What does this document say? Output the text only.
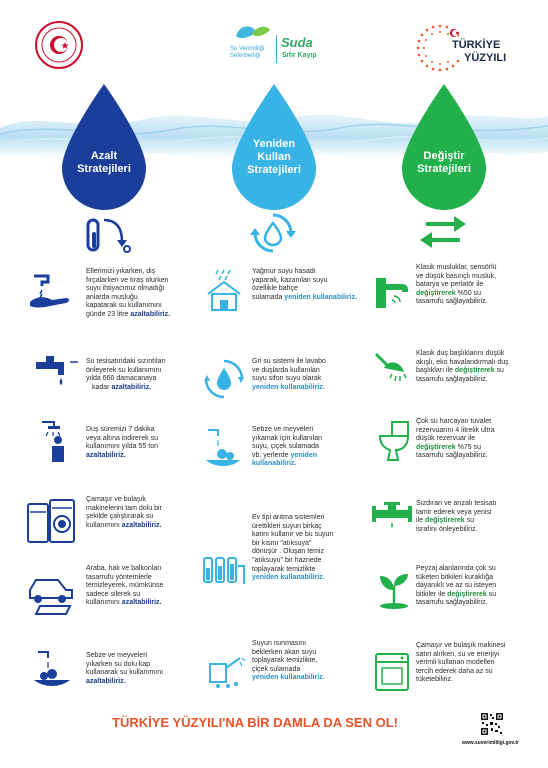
Su Verimliliği
Seferberliği
Suda
Sıfır Kayıp
TÜRKİYE
YÜZYILI
Azalt
Stratejileri
Yeniden
Kullan
Stratejileri
Değiştir
Stratejileri
Ellerimizi yıkarken, diş
fırçalarken ve tıraş olurken
suyu ihtiyacımız olmadığı
anlarda musluğu
kapatarak su kullanımını
günde 23 litre azaltabiliriz.
Su tesisatındaki sızıntıları
önleyerek su kullanımını
yılda 660 damacanaya
kadar azaltabiliriz.
Duş süremizi 7 dakika
veya altına indirerek su
kullanımını yılda 55 ton
azaltabiliriz.
Çamaşır ve bulaşık
makinelerini tam dolu bir
şekilde çalıştırarak su
kullanımını azaltabiliriz.
Araba, halı ve balkonları
tasarrufu yöntemlerle
temizleyerek, mümkünse
sadece silerek su
kullanımını azaltabiliriz.
Sebze ve meyveleri
yıkarken su dolu kap
kullanarak su kullanımını
azaltabiliriz.
Yağmur suyu hasadı
yaparak, kazanılan suyu
özellikle bahçe
sulamada yeniden kullanabiliriz.
Gri su sistemi ile lavabo
ve duşlarda kullanılan
suyu sifon suyu olarak
yeniden kullanabiliriz.
Sebze ve meyveleri
yıkamak için kullanılan
suyu, çiçek sulamada
vb. yerlerde yeniden kullanabiliriz.
Ev tipi arıtma sistemleri
ürettikleri suyun birkaç
katını kullanır ve bu suyun
bir kısmı "atıksuya"
dönüşür . Oluşan temiz
"atıksuyu" bir haznede
toplayarak temizlikte
yeniden kullanabiliriz.
Suyun ısınmasını
beklerken akan suyu
toplayarak temizlikte,
çiçek sulamada
yeniden kullanabiliriz.
Klasik musluklar, sensörlü
ve düşük basınçlı musluk,
batarya ve perlatör ile
değiştirerek %50 su
tasarrufu sağlayabiliriz.
Klasik duş başlıklarını düşük
akışlı, eko havalandırmalı duş
başlıkları ile değiştirerek su
tasarrufu sağlayabiliriz.
Çok su harcayan tuvalet
rezervuarını 4 litrelik ultra
düşük rezervuar ile
değiştirerek %75 su
tasarrufu sağlayabiliriz.
Sızdıran ve arızalı tesisatı
tamir ederek veya yenisi
ile değiştirerek su
israfını önleyebiliriz.
Peyzaj alanlarında çok su
tüketen bitkileri kuraklığa
dayanıklı ve az su isteyen
bitkiler ile değiştirerek su
tasarrufu sağlayabiliriz.
Çamaşır ve bulaşık makinesi
satın alırken, su ve enerjiyi
verimli kullanan modelleri
tercih ederek daha az su
tüketebiliriz.
TÜRKİYE YÜZYILI'NA BİR DAMLA DA SEN OL!
www.suverimliligi.gov.tr
